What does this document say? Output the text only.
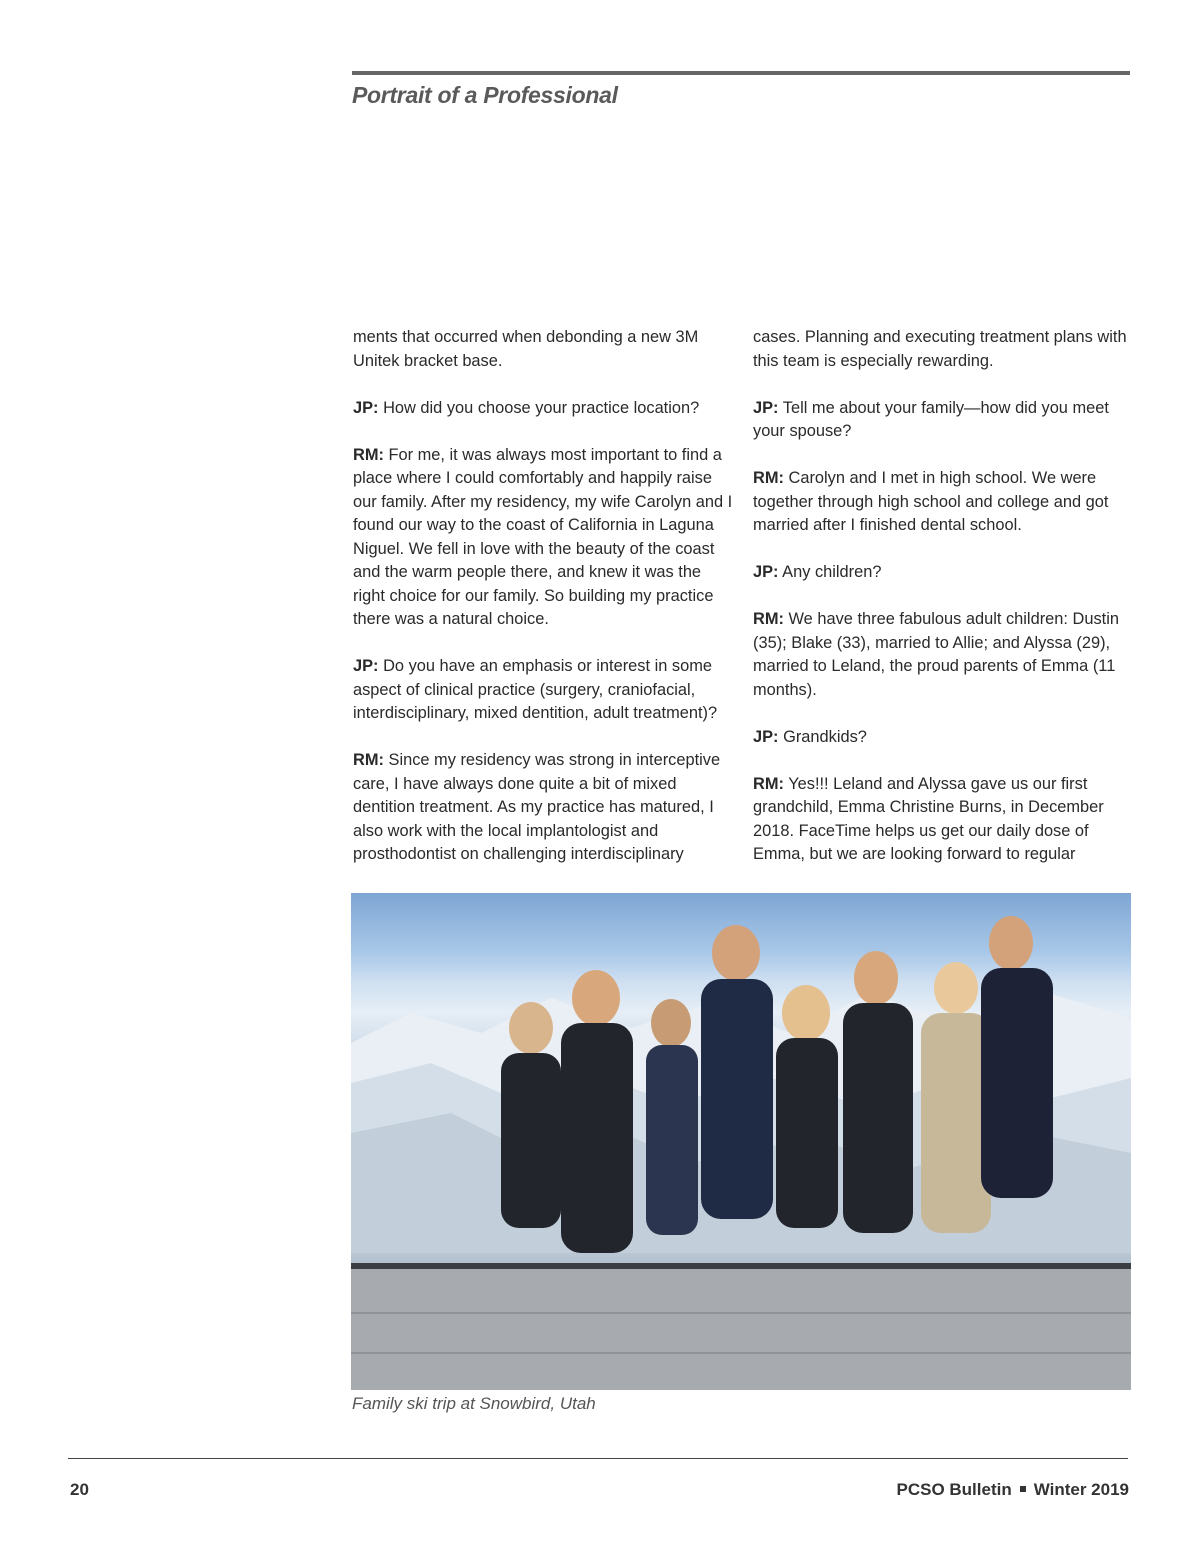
Portrait of a Professional

ments that occurred when debonding a new 3M Unitek bracket base.

JP: How did you choose your practice location?

RM: For me, it was always most important to find a place where I could comfortably and happily raise our family. After my residency, my wife Carolyn and I found our way to the coast of California in Laguna Niguel. We fell in love with the beauty of the coast and the warm people there, and knew it was the right choice for our family. So building my practice there was a natural choice.

JP: Do you have an emphasis or interest in some aspect of clinical practice (surgery, craniofacial, interdisciplinary, mixed dentition, adult treatment)?

RM: Since my residency was strong in interceptive care, I have always done quite a bit of mixed dentition treatment. As my practice has matured, I also work with the local implantologist and prosthodontist on challenging interdisciplinary

cases. Planning and executing treatment plans with this team is especially rewarding.

JP: Tell me about your family—how did you meet your spouse?

RM: Carolyn and I met in high school. We were together through high school and college and got married after I finished dental school.

JP: Any children?

RM: We have three fabulous adult children: Dustin (35); Blake (33), married to Allie; and Alyssa (29), married to Leland, the proud parents of Emma (11 months).

JP: Grandkids?

RM: Yes!!! Leland and Alyssa gave us our first grandchild, Emma Christine Burns, in December 2018. FaceTime helps us get our daily dose of Emma, but we are looking forward to regular

Family ski trip at Snowbird, Utah

20	PCSO Bulletin Winter 2019
